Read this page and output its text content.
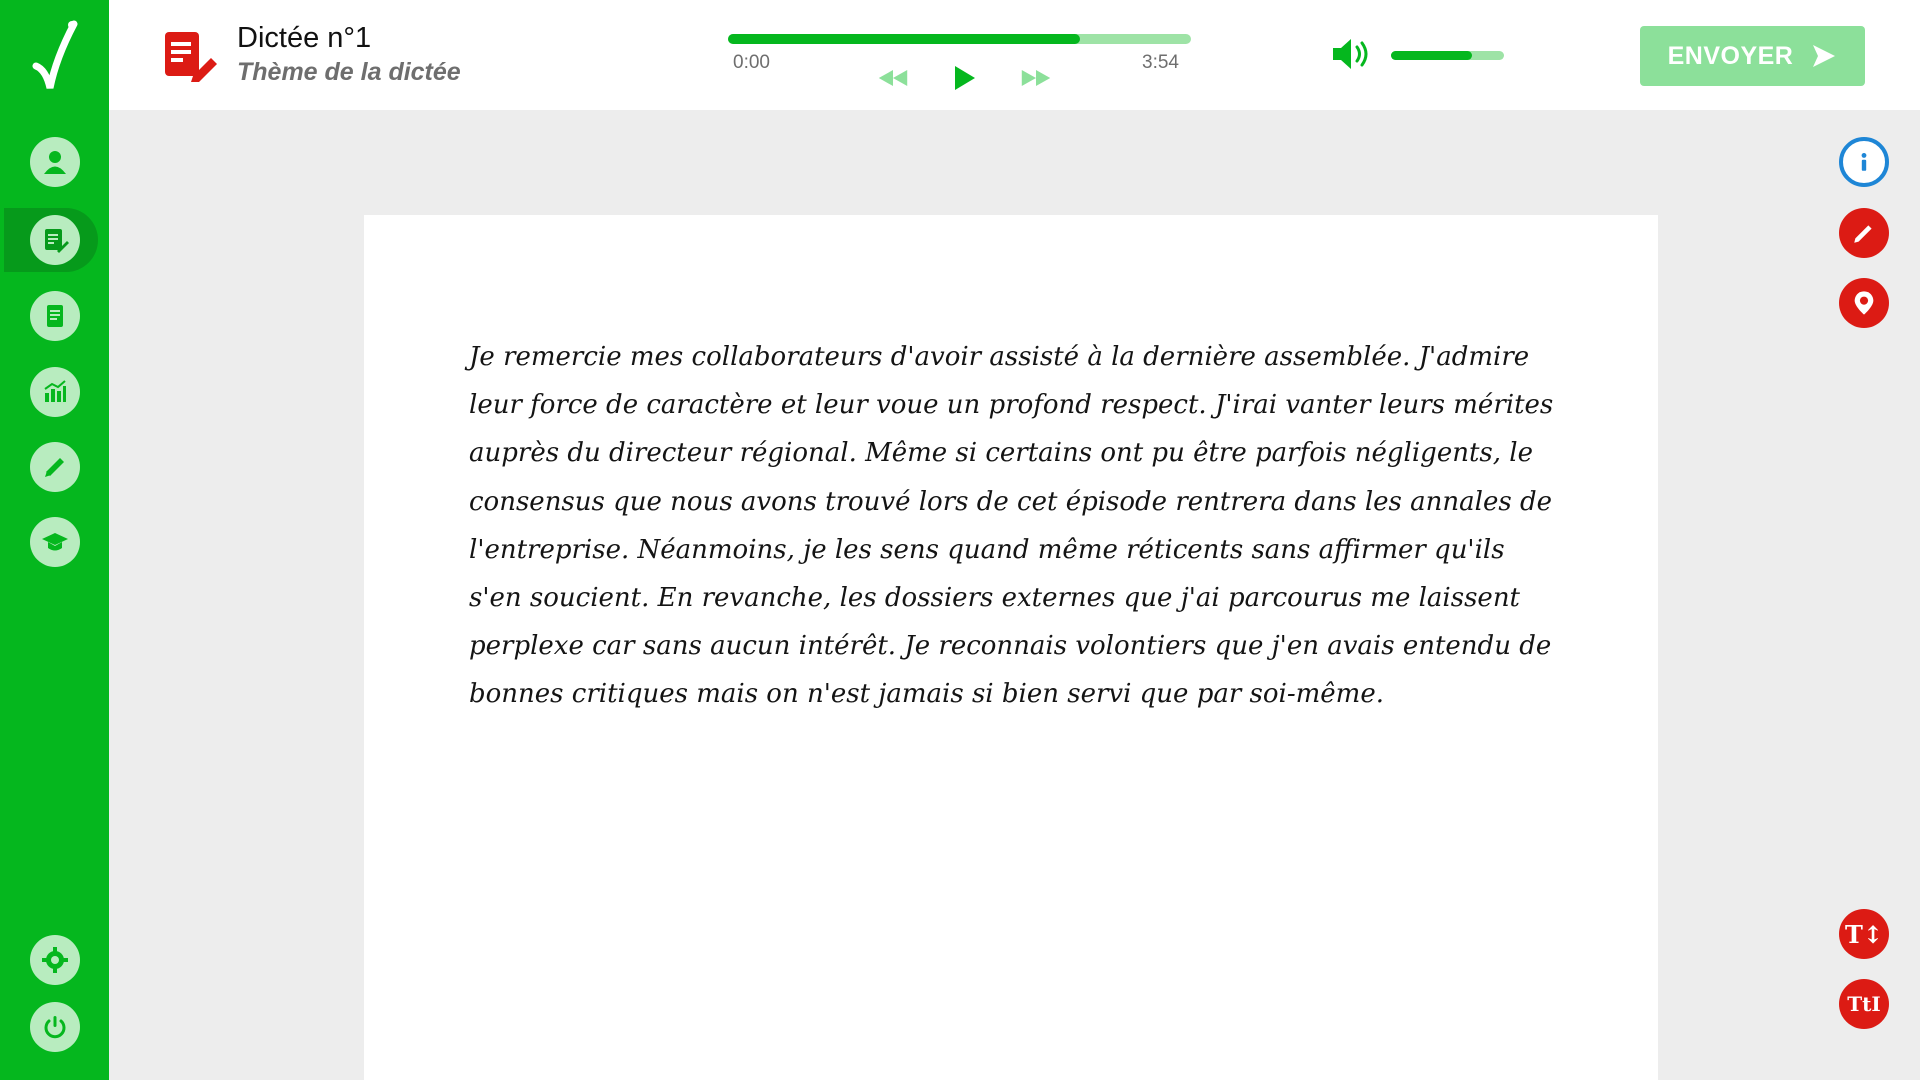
Dictée n°1
Thème de la dictée	0:00	3:54	ENVOYER
Je remercie mes collaborateurs d'avoir assisté à la dernière assemblée. J'admire leur force de caractère et leur voue un profond respect. J'irai vanter leurs mérites auprès du directeur régional. Même si certains ont pu être parfois négligents, le consensus que nous avons trouvé lors de cet épisode rentrera dans les annales de l'entreprise. Néanmoins, je les sens quand même réticents sans affirmer qu'ils s'en soucient. En revanche, les dossiers externes que j'ai parcourus me laissent perplexe car sans aucun intérêt. Je reconnais volontiers que j'en avais entendu de bonnes critiques mais on n'est jamais si bien servi que par soi-même.
T↕
TtI
